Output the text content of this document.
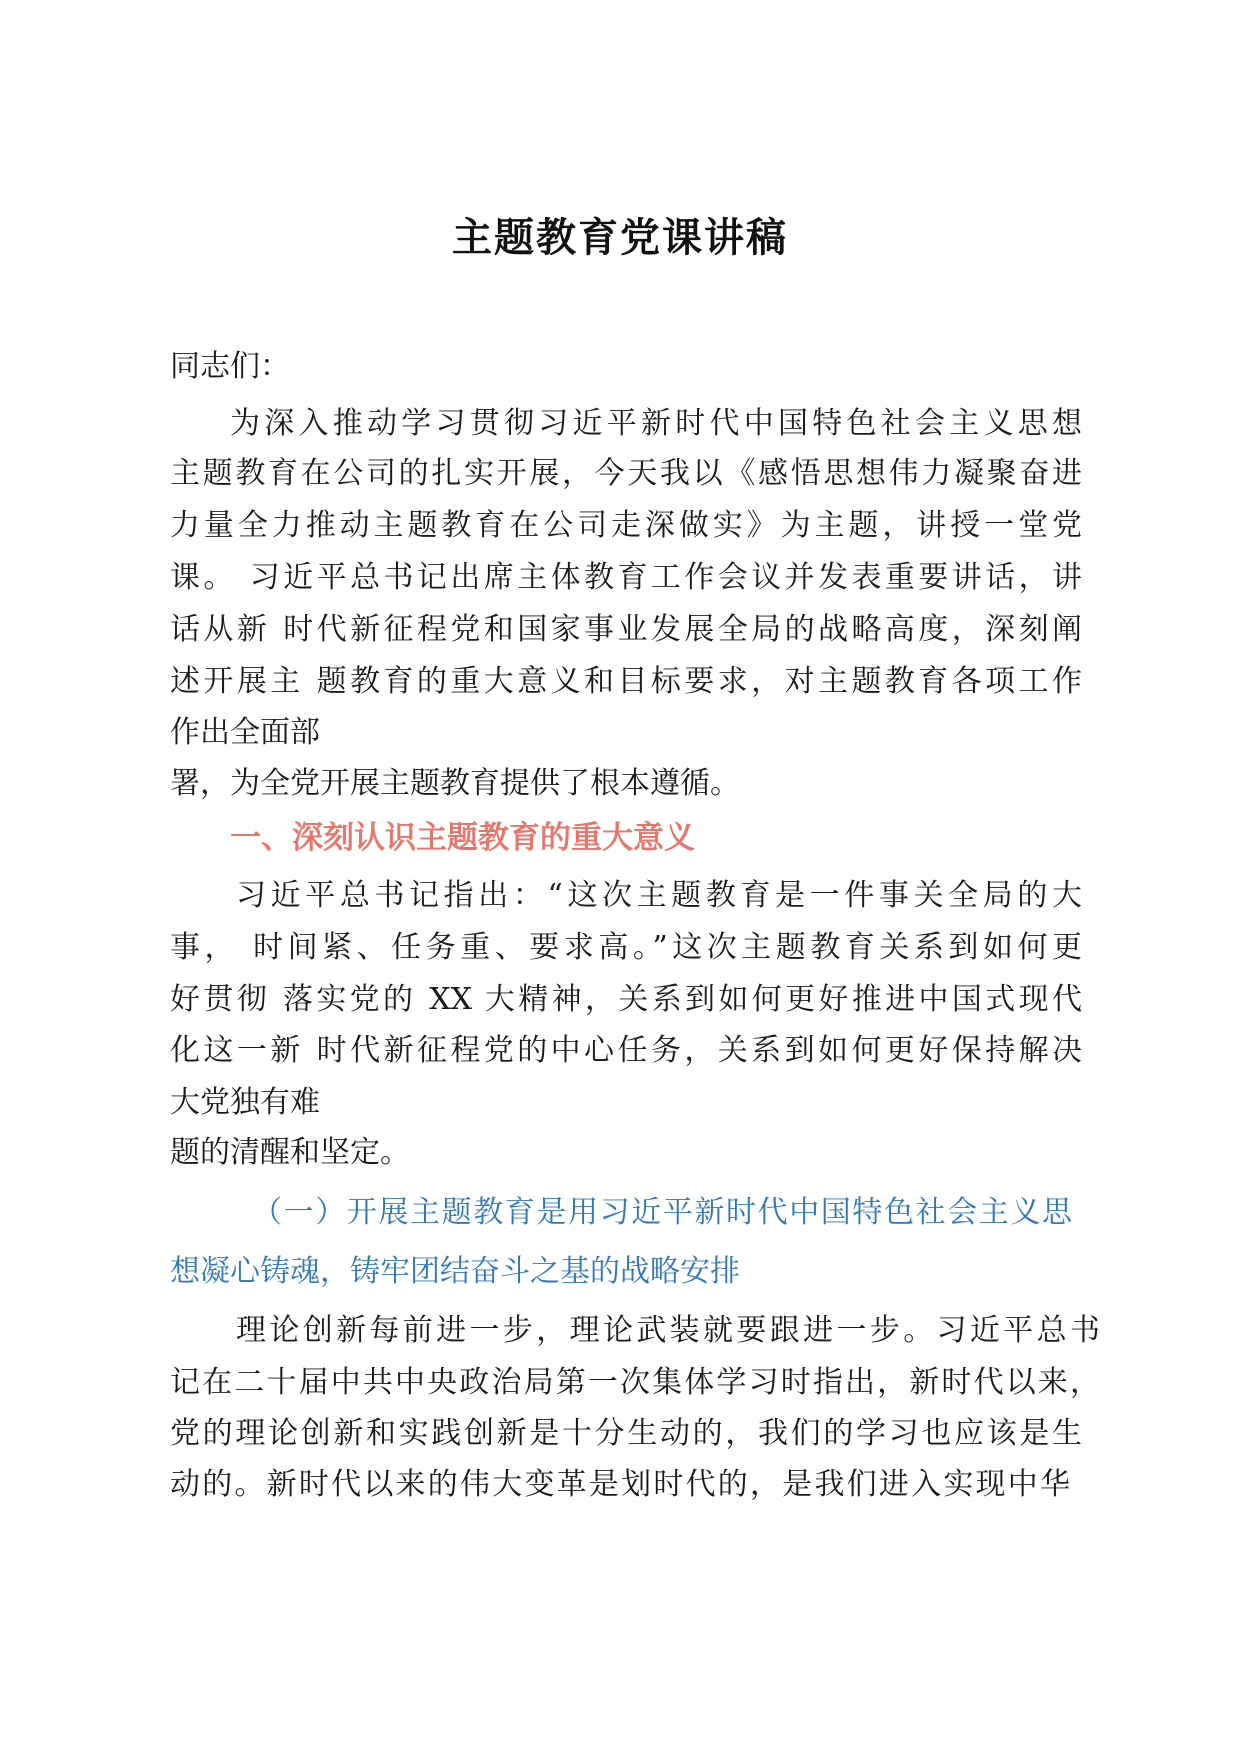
主题教育党课讲稿
同志们：
为深入推动学习贯彻习近平新时代中国特色社会主义思想
主题教育在公司的扎实开展，今天我以《感悟思想伟力凝聚奋进
力量全力推动主题教育在公司走深做实》为主题，讲授一堂党
课。 习近平总书记出席主体教育工作会议并发表重要讲话，讲
话从新 时代新征程党和国家事业发展全局的战略高度，深刻阐
述开展主 题教育的重大意义和目标要求，对主题教育各项工作
作出全面部
署，为全党开展主题教育提供了根本遵循。
一、深刻认识主题教育的重大意义
习近平总书记指出：“这次主题教育是一件事关全局的大
事， 时间紧、任务重、要求高。”这次主题教育关系到如何更
好贯彻 落实党的 XX 大精神，关系到如何更好推进中国式现代
化这一新 时代新征程党的中心任务，关系到如何更好保持解决
大党独有难
题的清醒和坚定。
（一）开展主题教育是用习近平新时代中国特色社会主义思
想凝心铸魂，铸牢团结奋斗之基的战略安排
理论创新每前进一步，理论武装就要跟进一步。习近平总书
记在二十届中共中央政治局第一次集体学习时指出，新时代以来，
党的理论创新和实践创新是十分生动的，我们的学习也应该是生
动的。新时代以来的伟大变革是划时代的，是我们进入实现中华
